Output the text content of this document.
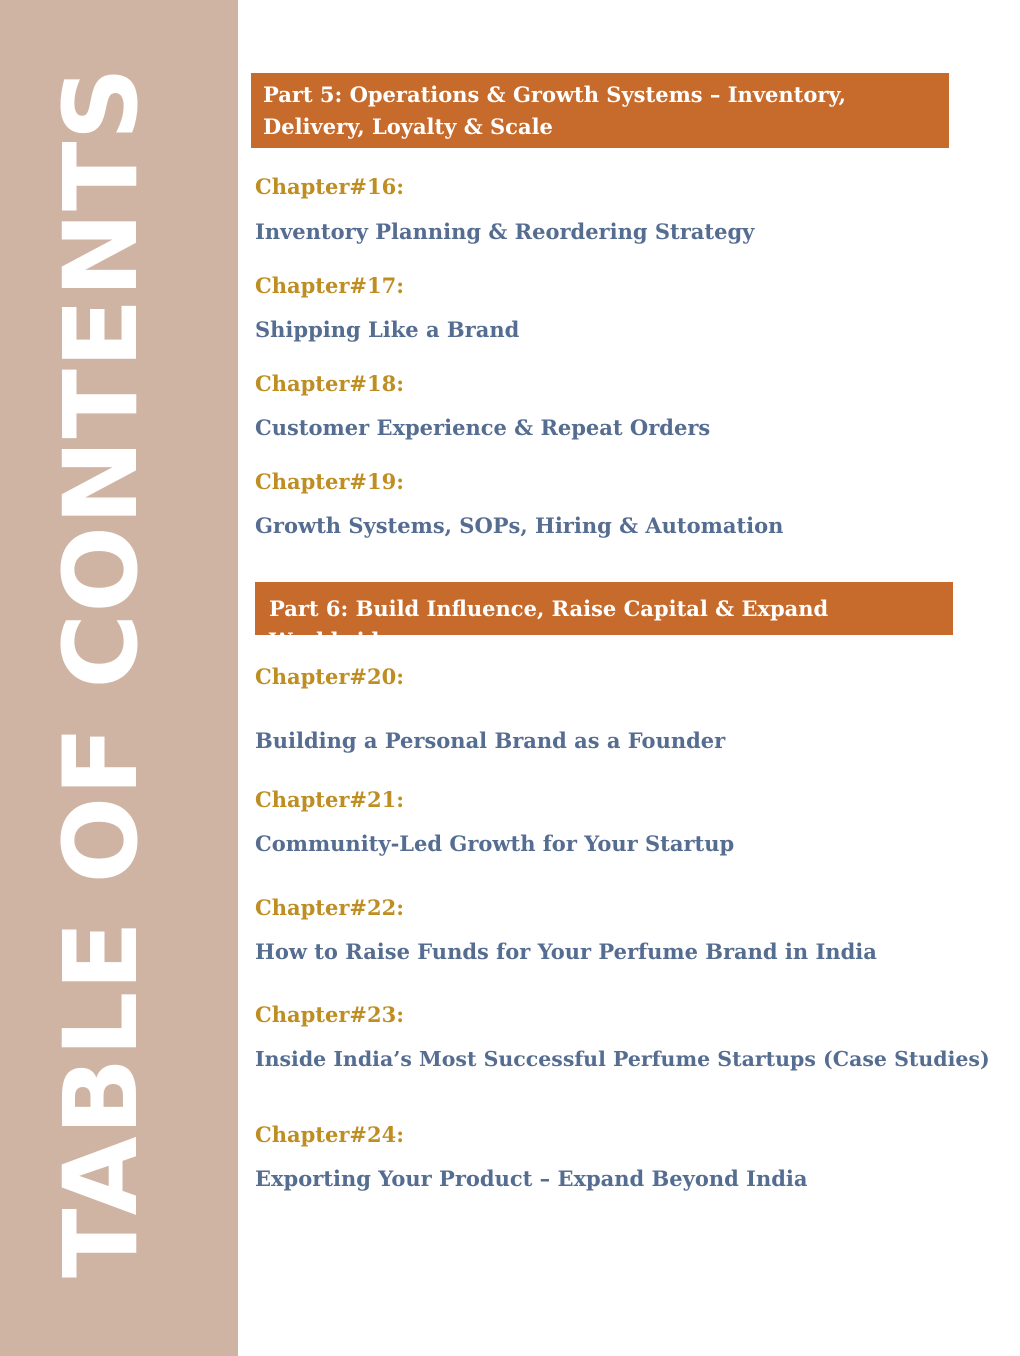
TABLE OF CONTENTS	Part 5: Operations & Growth Systems – Inventory, Delivery, Loyalty & Scale
Chapter#16:
Inventory Planning & Reordering Strategy
Chapter#17:
Shipping Like a Brand
Chapter#18:
Customer Experience & Repeat Orders
Chapter#19:
Growth Systems, SOPs, Hiring & Automation
Part 6: Build Influence, Raise Capital & Expand Worldwide
Chapter#20:
Building a Personal Brand as a Founder
Chapter#21:
Community-Led Growth for Your Startup
Chapter#22:
How to Raise Funds for Your Perfume Brand in India
Chapter#23:
Inside India’s Most Successful Perfume Startups (Case Studies)
Chapter#24:
Exporting Your Product – Expand Beyond India
